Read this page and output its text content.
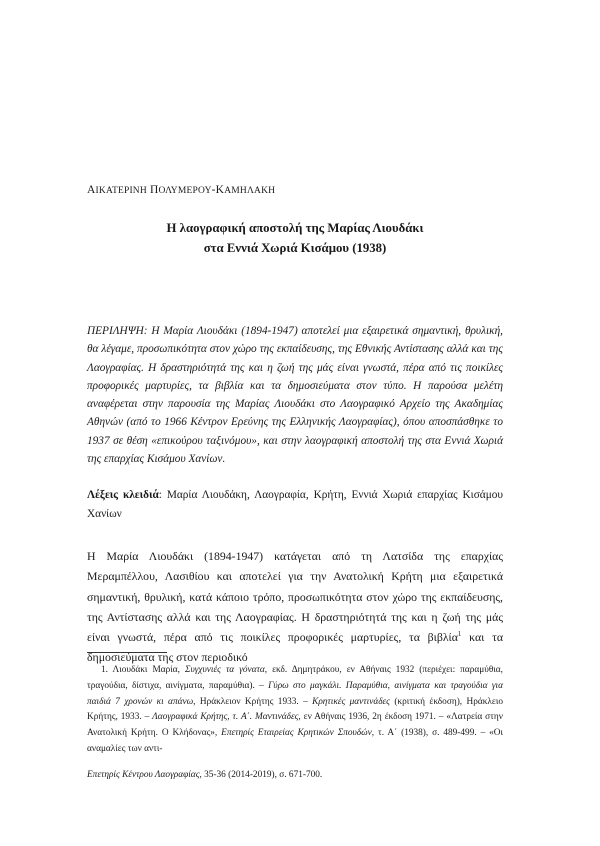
ΑΙΚΑΤΕΡΙΝΗ ΠΟΛΥΜΕΡΟΥ-ΚΑΜΗΛΑΚΗ
Η λαογραφική αποστολή της Μαρίας Λιουδάκι
στα Εννιά Χωριά Κισάμου (1938)

ΠΕΡΙΛΗΨΗ: Η Μαρία Λιουδάκι (1894-1947) αποτελεί μια εξαιρετικά σημαντική, θρυλική, θα λέγαμε, προσωπικότητα στον χώρο της εκπαίδευσης, της Εθνικής Αντίστασης αλλά και της Λαογραφίας. Η δραστηριότητά της και η ζωή της μάς είναι γνωστά, πέρα από τις ποικίλες προφορικές μαρτυρίες, τα βιβλία και τα δημοσιεύματα στον τύπο. Η παρούσα μελέτη αναφέρεται στην παρουσία της Μαρίας Λιουδάκι στο Λαογραφικό Αρχείο της Ακαδημίας Αθηνών (από το 1966 Κέντρον Ερεύνης της Ελληνικής Λαογραφίας), όπου αποσπάσθηκε το 1937 σε θέση «επικούρου ταξινόμου», και στην λαογραφική αποστολή της στα Εννιά Χωριά της επαρχίας Κισάμου Χανίων.

Λέξεις κλειδιά: Μαρία Λιουδάκη, Λαογραφία, Κρήτη, Εννιά Χωριά επαρχίας Κισάμου Χανίων

Η Μαρία Λιουδάκι (1894-1947) κατάγεται από τη Λατσίδα της επαρχίας Μεραμπέλλου, Λασιθίου και αποτελεί για την Ανατολική Κρήτη μια εξαιρετικά σημαντική, θρυλική, κατά κάποιο τρόπο, προσωπικότητα στον χώρο της εκπαίδευσης, της Αντίστασης αλλά και της Λαογραφίας. Η δραστηριότητά της και η ζωή της μάς είναι γνωστά, πέρα από τις ποικίλες προφορικές μαρτυρίες, τα βιβλία$^1$ και τα δημοσιεύματα της στον περιοδικό

1. Λιουδάκι Μαρία, Συγχυνιές τα γόνατα, εκδ. Δημητράκου, εν Αθήναις 1932 (περιέχει: παραμύθια, τραγούδια, δίστιχα, αινίγματα, παραμύθια). – Γύρω στο μαγκάλι. Παραμύθια, αινίγματα και τραγούδια για παιδιά 7 χρονών κι απάνω, Ηράκλειον Κρήτης 1933. – Κρητικές μαντινάδες (κριτική έκδοση), Ηράκλειο Κρήτης, 1933. – Λαογραφικά Κρήτης, τ. Α΄. Μαντινάδες, εν Αθήναις 1936, 2η έκδοση 1971. – «Λατρεία στην Ανατολική Κρήτη. Ο Κλήδονας», Επετηρίς Εταιρείας Κρητικών Σπουδών, τ. Α΄ (1938), σ. 489-499. – «Οι αναμαλίες των αντι-

Επετηρίς Κέντρου Λαογραφίας, 35-36 (2014-2019), σ. 671-700.
